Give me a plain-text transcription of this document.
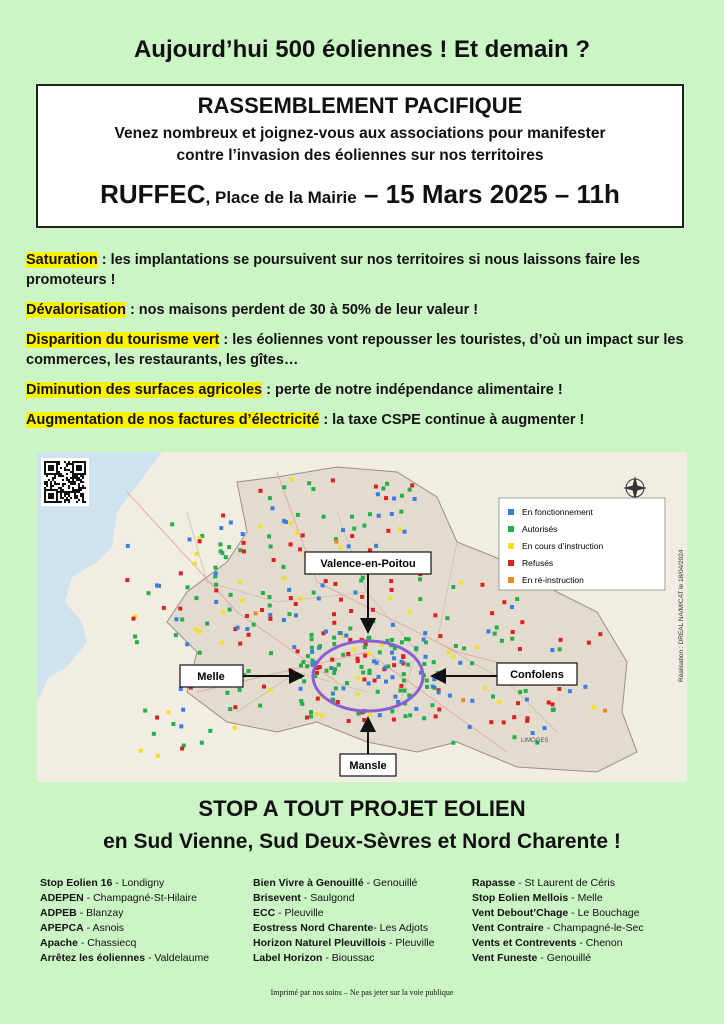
Aujourd’hui 500 éoliennes ! Et demain ?
RASSEMBLEMENT PACIFIQUE
Venez nombreux et joignez-vous aux associations pour manifester
contre l’invasion des éoliennes sur nos territoires
RUFFEC, Place de la Mairie – 15 Mars 2025 – 11h

Saturation : les implantations se poursuivent sur nos territoires si nous laissons faire les promoteurs !

Dévalorisation : nos maisons perdent de 30 à 50% de leur valeur !

Disparition du tourisme vert : les éoliennes vont repousser les touristes, d’où un impact sur les commerces, les restaurants, les gîtes…

Diminution des surfaces agricoles : perte de notre indépendance alimentaire !

Augmentation de nos factures d’électricité : la taxe CSPE continue à augmenter !

En fonctionnement
Autorisés
En cours d’instruction
Refusés
En ré-instruction	Réalisation : DREAL NA/MICAT le 18/04/2024
LIMOGES
Valence-en-Poitou
Melle	Confolens
Mansle
STOP A TOUT PROJET EOLIEN
en Sud Vienne, Sud Deux-Sèvres et Nord Charente !
Stop Eolien 16 - Londigny
ADEPEN - Champagné-St-Hilaire
ADPEB - Blanzay
APEPCA - Asnois
Apache - Chassiecq
Arrêtez les éoliennes - Valdelaume
Bien Vivre à Genouillé - Genouillé
Brisevent - Saulgond
ECC - Pleuville
Eostress Nord Charente- Les Adjots
Horizon Naturel Pleuvillois - Pleuville
Label Horizon - Bioussac
Rapasse - St Laurent de Céris
Stop Eolien Mellois - Melle
Vent Debout’Chage - Le Bouchage
Vent Contraire - Champagné-le-Sec
Vents et Contrevents - Chenon
Vent Funeste - Genouillé
Imprimé par nos soins – Ne pas jeter sur la voie publique
